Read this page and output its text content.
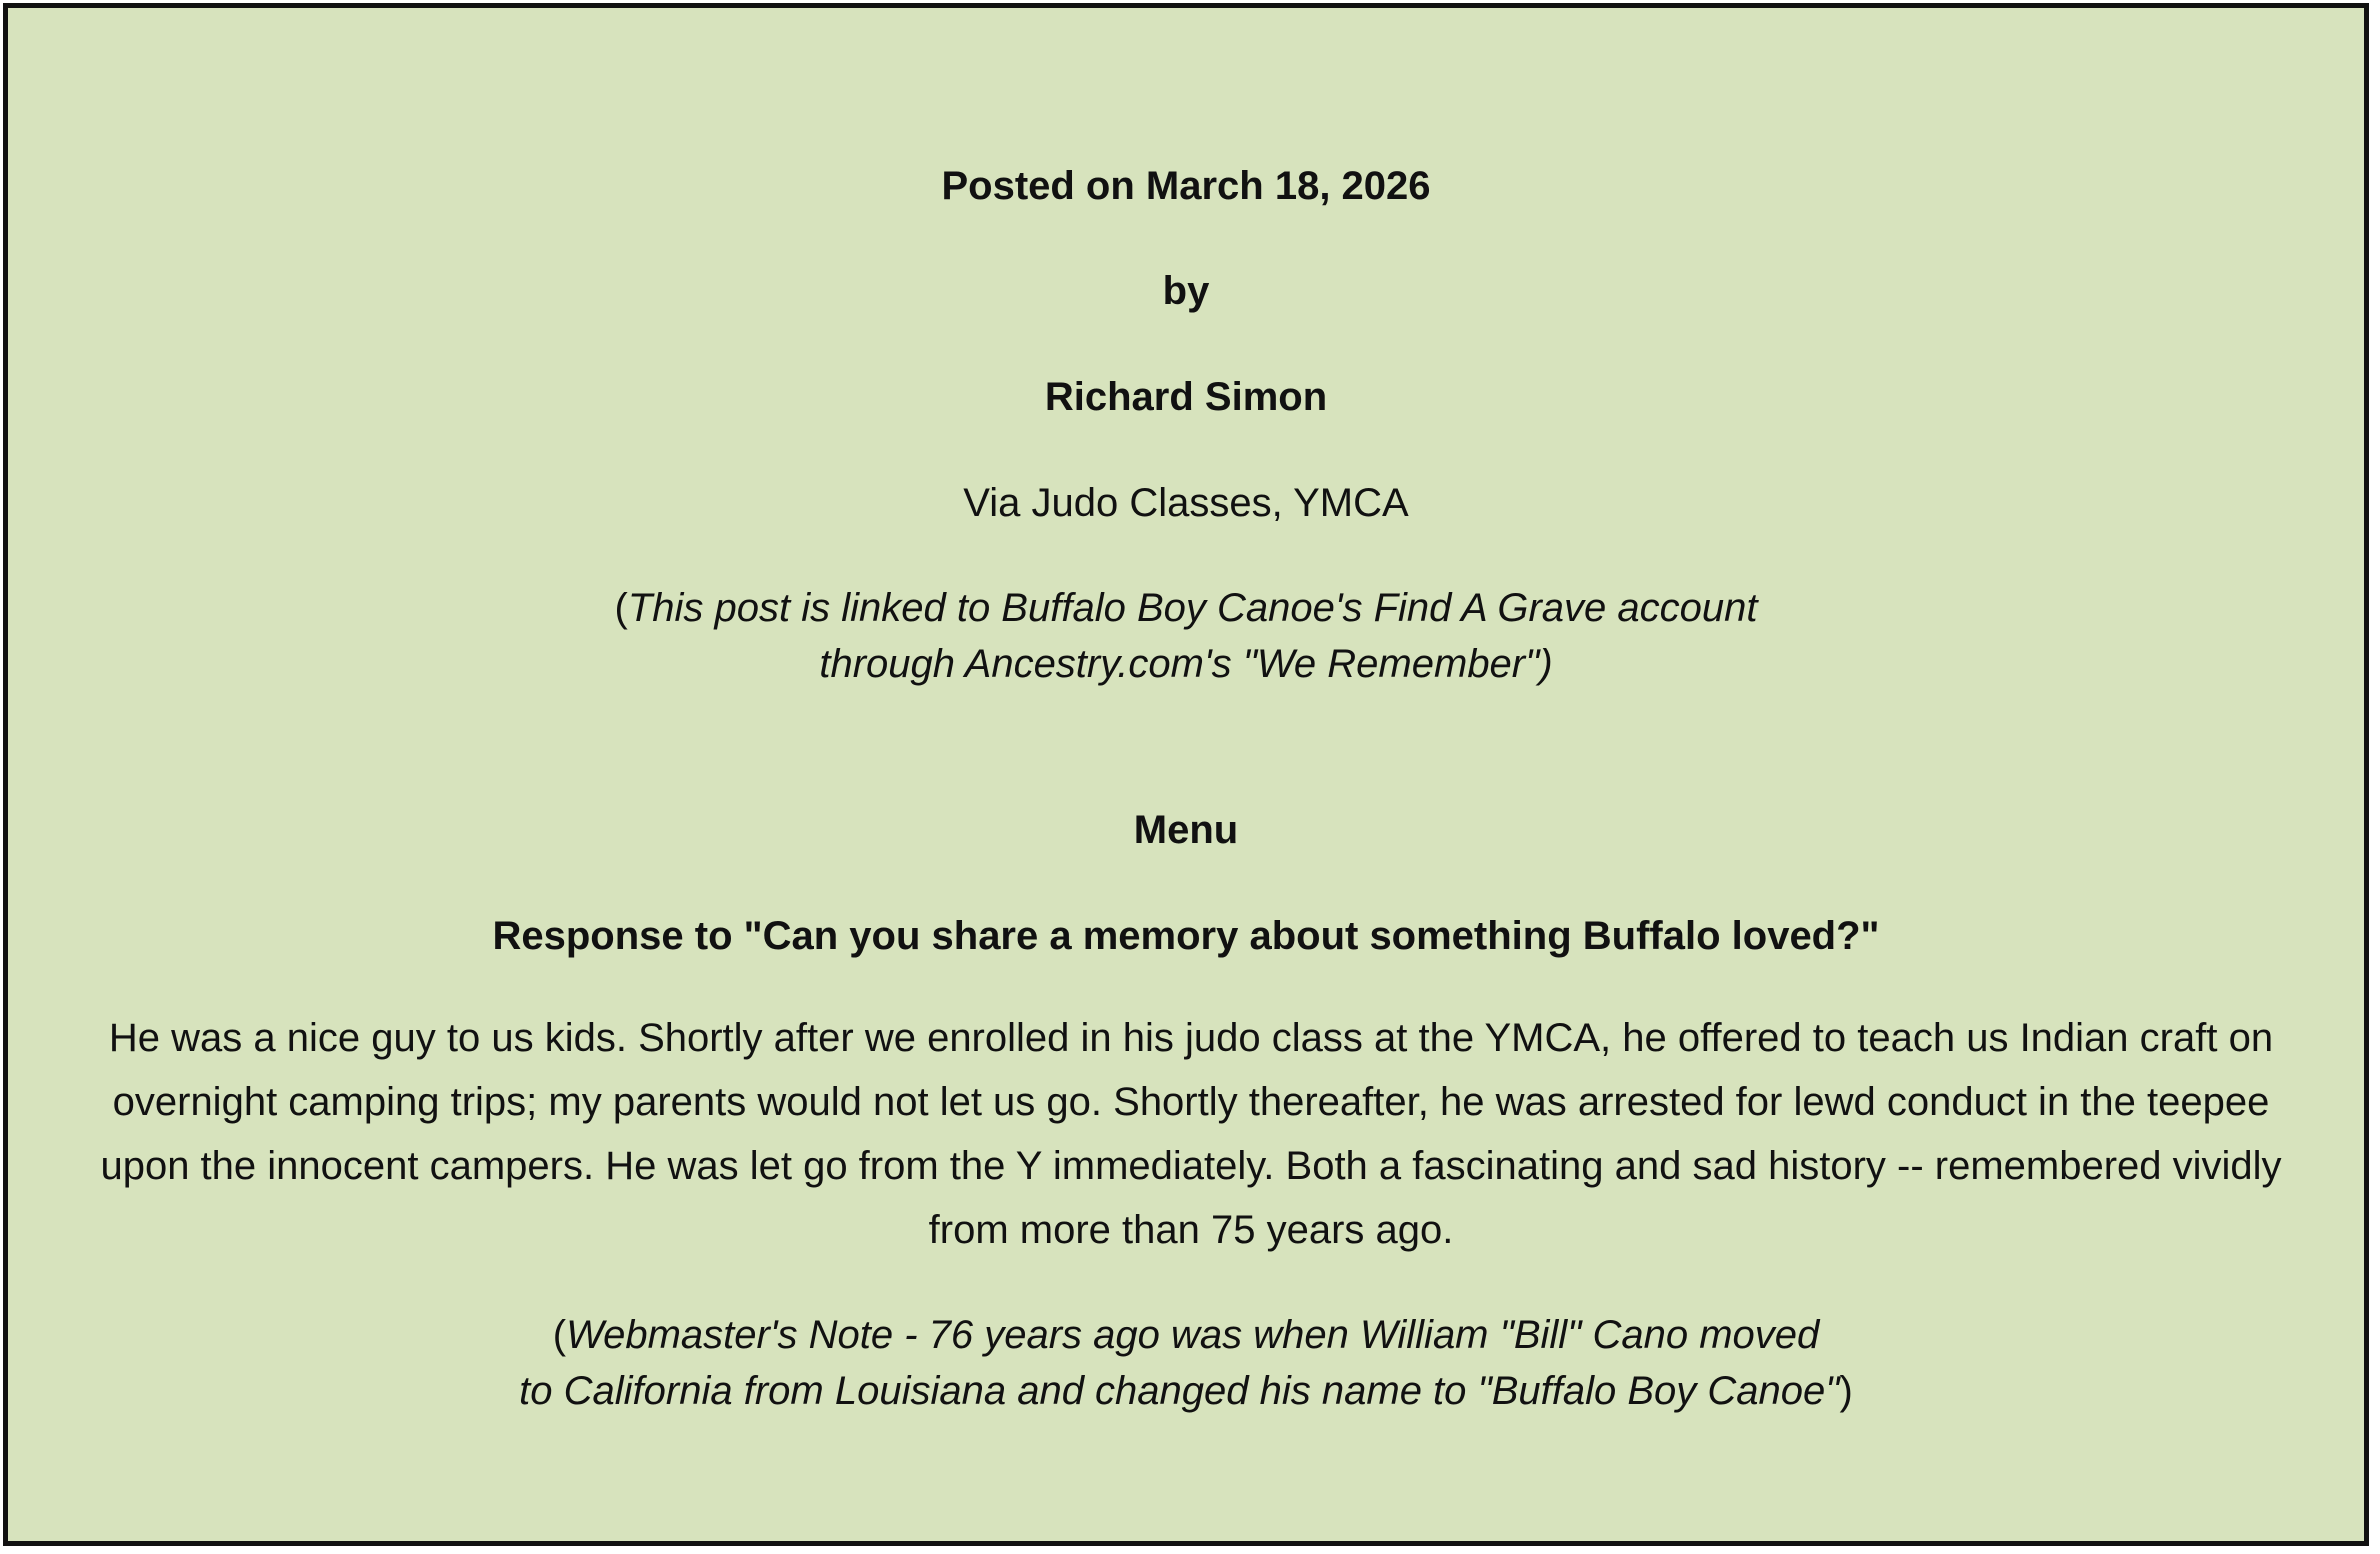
Posted on March 18, 2026
by
Richard Simon
Via Judo Classes, YMCA
(This post is linked to Buffalo Boy Canoe's Find A Grave account
through Ancestry.com's "We Remember")
Menu
Response to "Can you share a memory about something Buffalo loved?"
He was a nice guy to us kids. Shortly after we enrolled in his judo class at the YMCA, he offered to teach us Indian craft on overnight camping trips; my parents would not let us go. Shortly thereafter, he was arrested for lewd conduct in the teepee upon the innocent campers. He was let go from the Y immediately. Both a fascinating and sad history -- remembered vividly from more than 75 years ago.
(Webmaster's Note - 76 years ago was when William "Bill" Cano moved
to California from Louisiana and changed his name to "Buffalo Boy Canoe")
